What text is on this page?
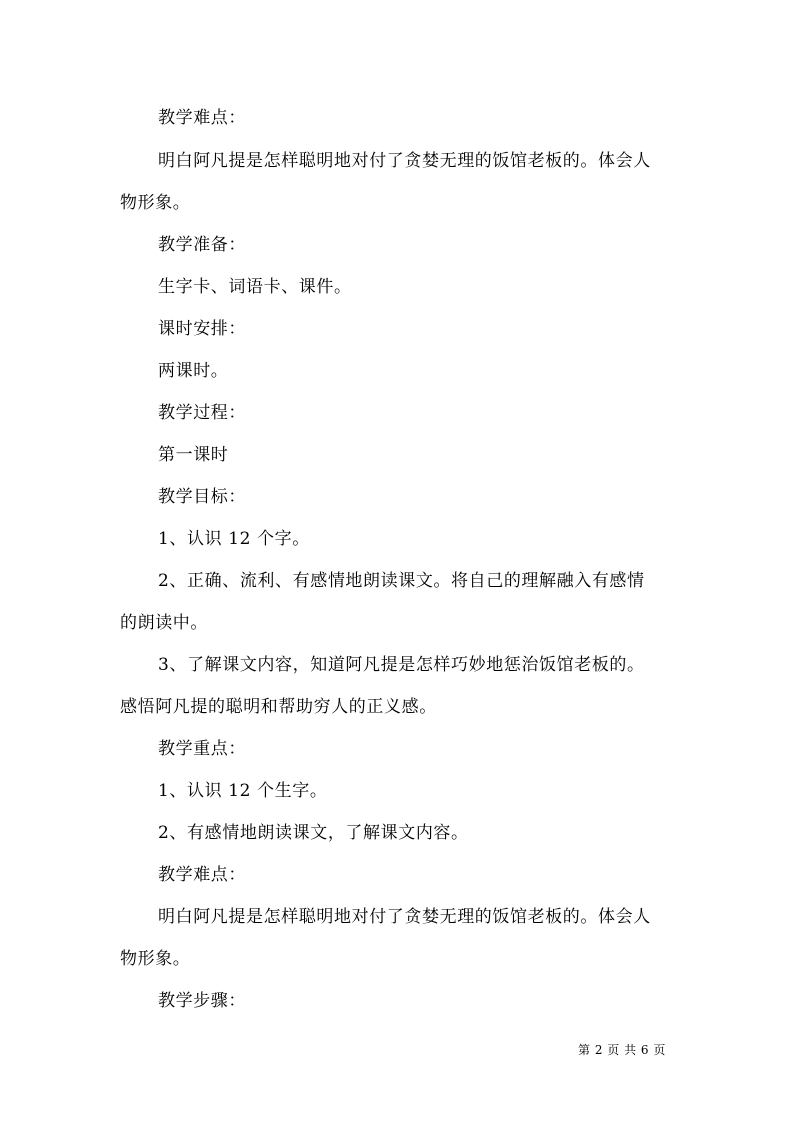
教学难点：
明白阿凡提是怎样聪明地对付了贪婪无理的饭馆老板的。体会人
物形象。
教学准备：
生字卡、词语卡、课件。
课时安排：
两课时。
教学过程：
第一课时
教学目标：
1、认识 12 个字。
2、正确、流利、有感情地朗读课文。将自己的理解融入有感情
的朗读中。
3、了解课文内容，知道阿凡提是怎样巧妙地惩治饭馆老板的。
感悟阿凡提的聪明和帮助穷人的正义感。
教学重点：
1、认识 12 个生字。
2、有感情地朗读课文，了解课文内容。
教学难点：
明白阿凡提是怎样聪明地对付了贪婪无理的饭馆老板的。体会人
物形象。
教学步骤：
第 2 页 共 6 页
